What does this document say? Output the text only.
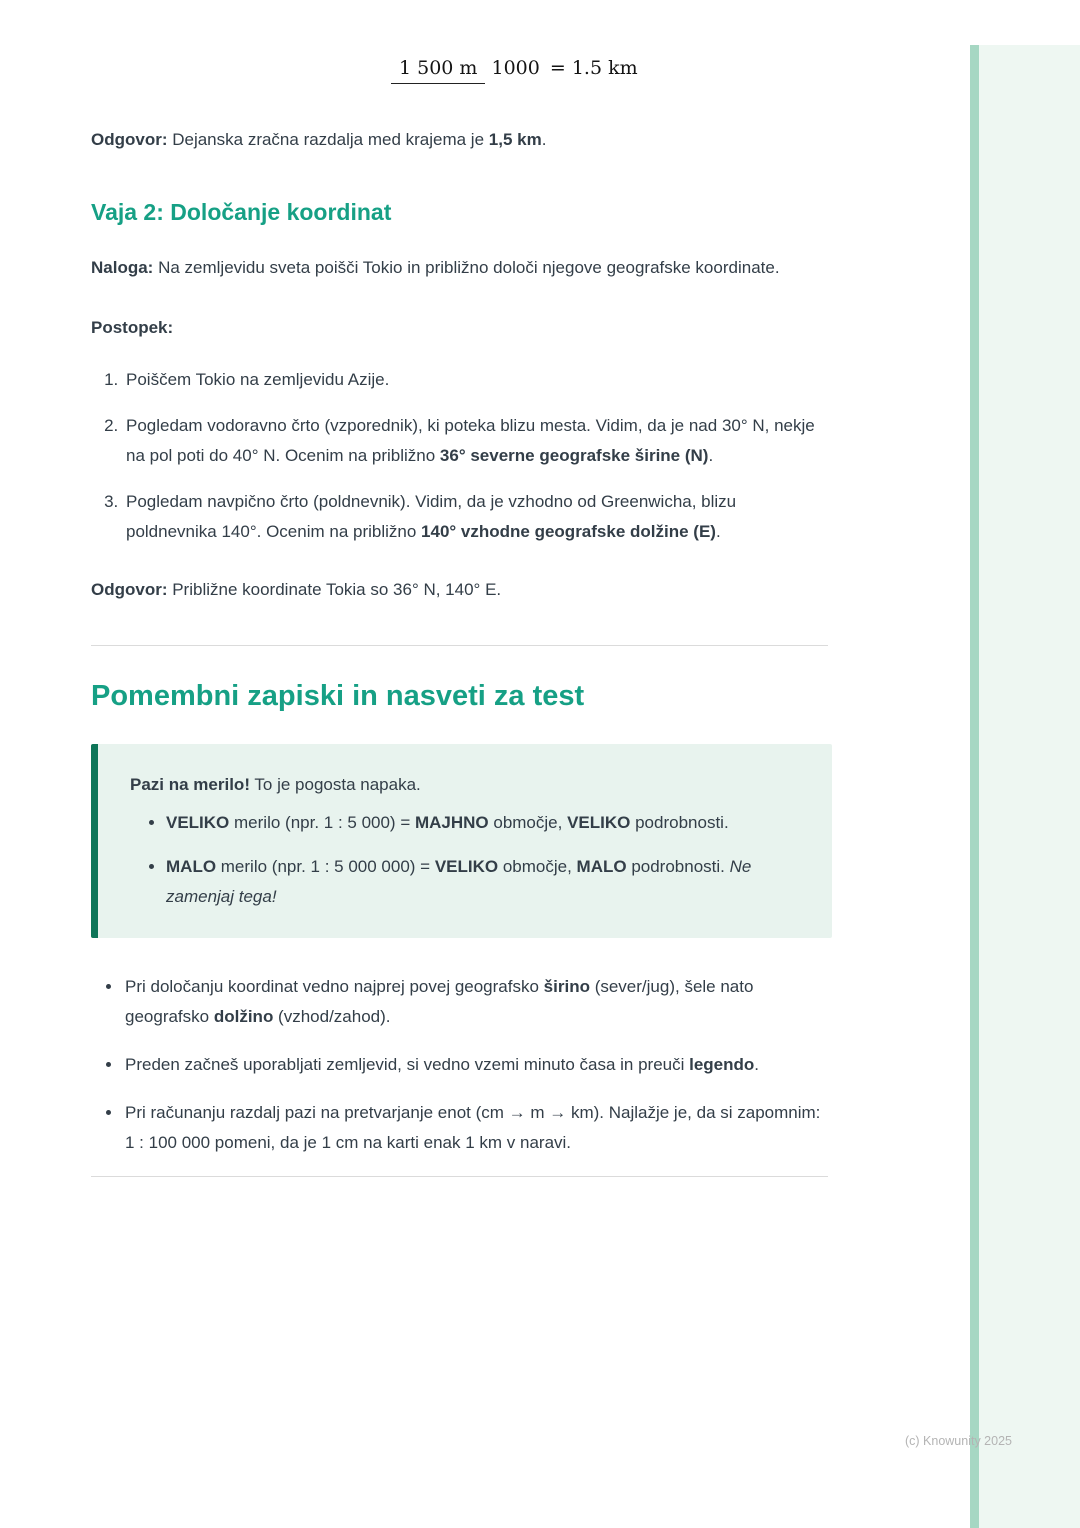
1 500 m 1000 = 1.5 km

Odgovor: Dejanska zračna razdalja med krajema je 1,5 km.

Vaja 2: Določanje koordinat

Naloga: Na zemljevidu sveta poišči Tokio in približno določi njegove geografske koordinate.

Postopek:

1. Poiščem Tokio na zemljevidu Azije.
2. Pogledam vodoravno črto (vzporednik), ki poteka blizu mesta. Vidim, da je nad 30° N, nekje na pol poti do 40° N. Ocenim na približno 36° severne geografske širine (N).
3. Pogledam navpično črto (poldnevnik). Vidim, da je vzhodno od Greenwicha, blizu poldnevnika 140°. Ocenim na približno 140° vzhodne geografske dolžine (E).

Odgovor: Približne koordinate Tokia so 36° N, 140° E.

Pomembni zapiski in nasveti za test

Pazi na merilo! To je pogosta napaka.

• VELIKO merilo (npr. 1 : 5 000) = MAJHNO območje, VELIKO podrobnosti.
• MALO merilo (npr. 1 : 5 000 000) = VELIKO območje, MALO podrobnosti. Ne zamenjaj tega!
• Pri določanju koordinat vedno najprej povej geografsko širino (sever/jug), šele nato geografsko dolžino (vzhod/zahod).
• Preden začneš uporabljati zemljevid, si vedno vzemi minuto časa in preuči legendo.
• Pri računanju razdalj pazi na pretvarjanje enot (cm → m → km). Najlažje je, da si zapomnim: 1 : 100 000 pomeni, da je 1 cm na karti enak 1 km v naravi.
(c) Knowunity 2025
